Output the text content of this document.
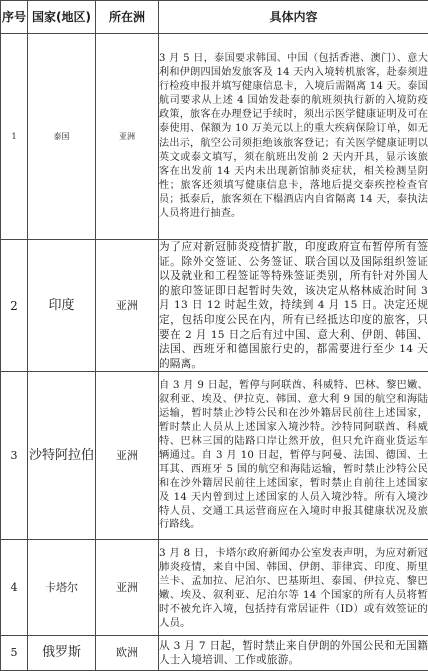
序号	国家(地区)	所在洲	具体内容
1	泰国	亚洲	3 月 5 日，泰国要求韩国、中国（包括香港、澳门）、意大利和伊朗四国始发旅客及 14 天内入境转机旅客，赴泰须进行检疫申报并填写健康信息卡，入境后需隔离 14 天。泰国航司要求从上述 4 国始发赴泰的航班须执行新的入境防疫政策，旅客在办理登记手续时，须出示医学健康证明及可在泰使用、保额为 10 万美元以上的重大疾病保险订单，如无法出示，航空公司须拒绝该旅客登记；有关医学健康证明以英文或泰文填写，须在航班出发前 2 天内开具，显示该旅客在出发前 14 天内未出现新馆肺炎症状，相关检测呈阴性；旅客还须填写健康信息卡，落地后提交泰疾控检查官员；抵泰后，旅客须在下榻酒店内自省隔离 14 天，泰执法人员将进行抽查。
2	印度	亚洲	为了应对新冠肺炎疫情扩散，印度政府宣布暂停所有签证。除外交签证、公务签证、联合国以及国际组织签证以及就业和工程签证等特殊签证类别，所有针对外国人的旅印签证即日起暂时失效，该决定从格林威治时间 3 月 13 日 12 时起生效，持续到 4 月 15 日。决定还规定，包括印度公民在内，所有已经抵达印度的旅客，只要在 2 月 15 日之后有过中国、意大利、伊朗、韩国、法国、西班牙和德国旅行史的，都需要进行至少 14 天的隔离。
3	沙特阿拉伯	亚洲	自 3 月 9 日起，暂停与阿联酋、科威特、巴林、黎巴嫩、叙利亚、埃及、伊拉克、韩国、意大利 9 国的航空和海陆运输，暂时禁止沙特公民和在沙外籍居民前往上述国家，暂时禁止人员从上述国家入境沙特。沙特同阿联酋、科威特、巴林三国的陆路口岸让然开放，但只允许商业货运车辆通过。自 3 月 10 日起，暂停与阿曼、法国、德国、土耳其、西班牙 5 国的航空和海陆运输，暂时禁止沙特公民和在沙外籍居民前往上述国家，暂时禁止自前往上述国家及 14 天内曾到过上述国家的人员入境沙特。所有入境沙特人员、交通工具运营商应在入境时申报其健康状况及旅行路线。
4	卡塔尔	亚洲	3 月 8 日，卡塔尔政府新闻办公室发表声明，为应对新冠肺炎疫情，来自中国、韩国、伊朗、菲律宾、印度、斯里兰卡、孟加拉、尼泊尔、巴基斯坦、泰国、伊拉克、黎巴嫩、埃及、叙利亚、尼泊尔等 14 个国家的所有人员将暂时不被允许入境，包括持有常居证件（ID）或有效签证的人员。
5	俄罗斯	欧洲	从 3 月 7 日起，暂时禁止来自伊朗的外国公民和无国籍人士入境培训、工作或旅游。
